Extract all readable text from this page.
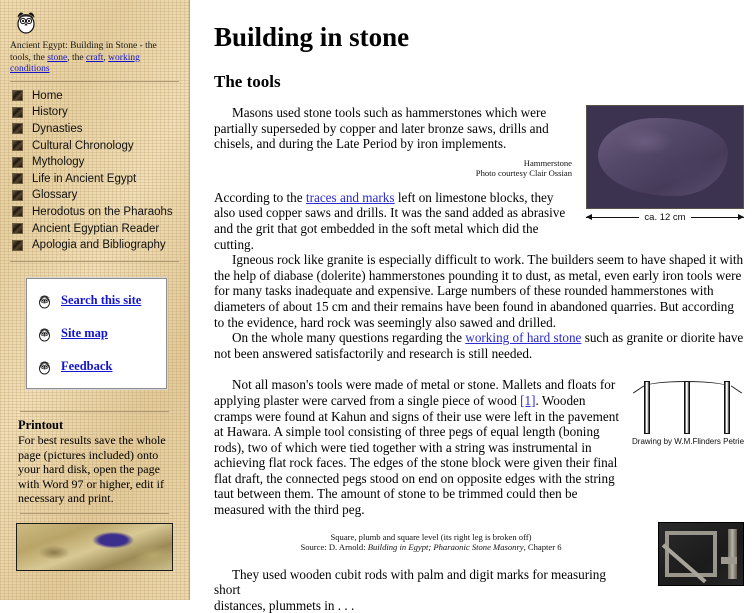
Ancient Egypt: Building in Stone - the tools, the stone, the craft, working conditions

Home
History
Dynasties
Cultural Chronology
Mythology
Life in Ancient Egypt
Glossary
Herodotus on the Pharaohs
Ancient Egyptian Reader
Apologia and Bibliography
Search this site
Site map
Feedback

Printout

For best results save the whole page (pictures included) onto your hard disk, open the page with Word 97 or higher, edit if necessary and print.

Building in stone
The tools
ca. 12 cm

Masons used stone tools such as hammerstones which were partially superseded by copper and later bronze saws, drills and chisels, and during the Late Period by iron implements.

Hammerstone
Photo courtesy Clair Ossian

According to the traces and marks left on limestone blocks, they also used copper saws and drills. It was the sand added as abrasive and the grit that got embedded in the soft metal which did the cutting.

Igneous rock like granite is especially difficult to work. The builders seem to have shaped it with the help of diabase (dolerite) hammerstones pounding it to dust, as metal, even early iron tools were for many tasks inadequate and expensive. Large numbers of these rounded hammerstones with diameters of about 15 cm and their remains have been found in abandoned quarries. But according to the evidence, hard rock was seemingly also sawed and drilled.

On the whole many questions regarding the working of hard stone such as granite or diorite have not been answered satisfactorily and research is still needed.

Drawing by W.M.Flinders Petrie

Not all mason's tools were made of metal or stone. Mallets and floats for applying plaster were carved from a single piece of wood [1]. Wooden cramps were found at Kahun and signs of their use were left in the pavement at Hawara. A simple tool consisting of three pegs of equal length (boning rods), two of which were tied together with a string was instrumental in achieving flat rock faces. The edges of the stone block were given their final flat draft, the connected pegs stood on end on opposite edges with the string taut between them. The amount of stone to be trimmed could then be measured with the third peg.

Square, plumb and square level (its right leg is broken off)
Source: D. Arnold: Building in Egypt; Pharaonic Stone Masonry, Chapter 6

They used wooden cubit rods with palm and digit marks for measuring short

distances, plummets in . . .
